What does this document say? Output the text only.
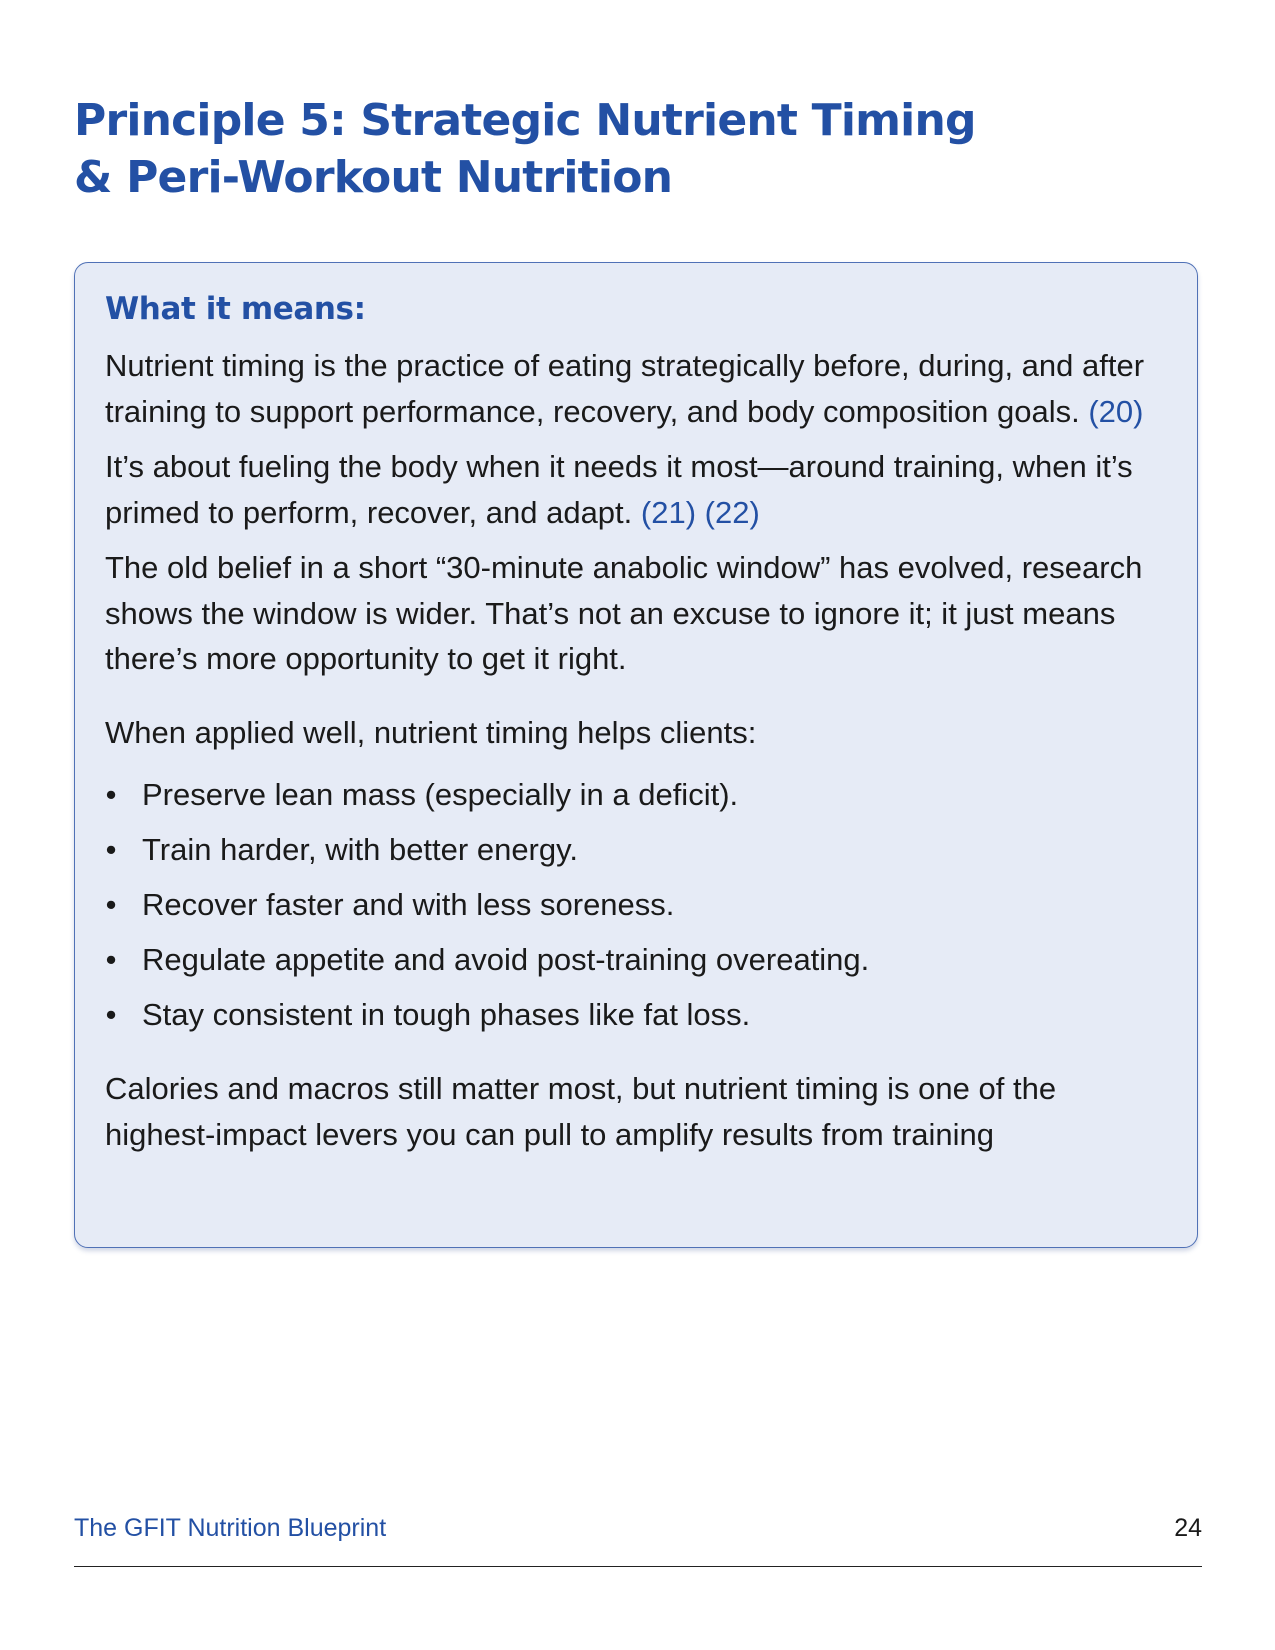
Principle 5: Strategic Nutrient Timing
& Peri-Workout Nutrition
What it means:

Nutrient timing is the practice of eating strategically before, during, and after training to support performance, recovery, and body composition goals. (20)

It’s about fueling the body when it needs it most—around training, when it’s primed to perform, recover, and adapt. (21) (22)

The old belief in a short “30-minute anabolic window” has evolved, research shows the window is wider. That’s not an excuse to ignore it; it just means there’s more opportunity to get it right.

When applied well, nutrient timing helps clients:

• Preserve lean mass (especially in a deficit).
• Train harder, with better energy.
• Recover faster and with less soreness.
• Regulate appetite and avoid post-training overeating.
• Stay consistent in tough phases like fat loss.

Calories and macros still matter most, but nutrient timing is one of the highest-impact levers you can pull to amplify results from training

The GFIT Nutrition Blueprint	24
